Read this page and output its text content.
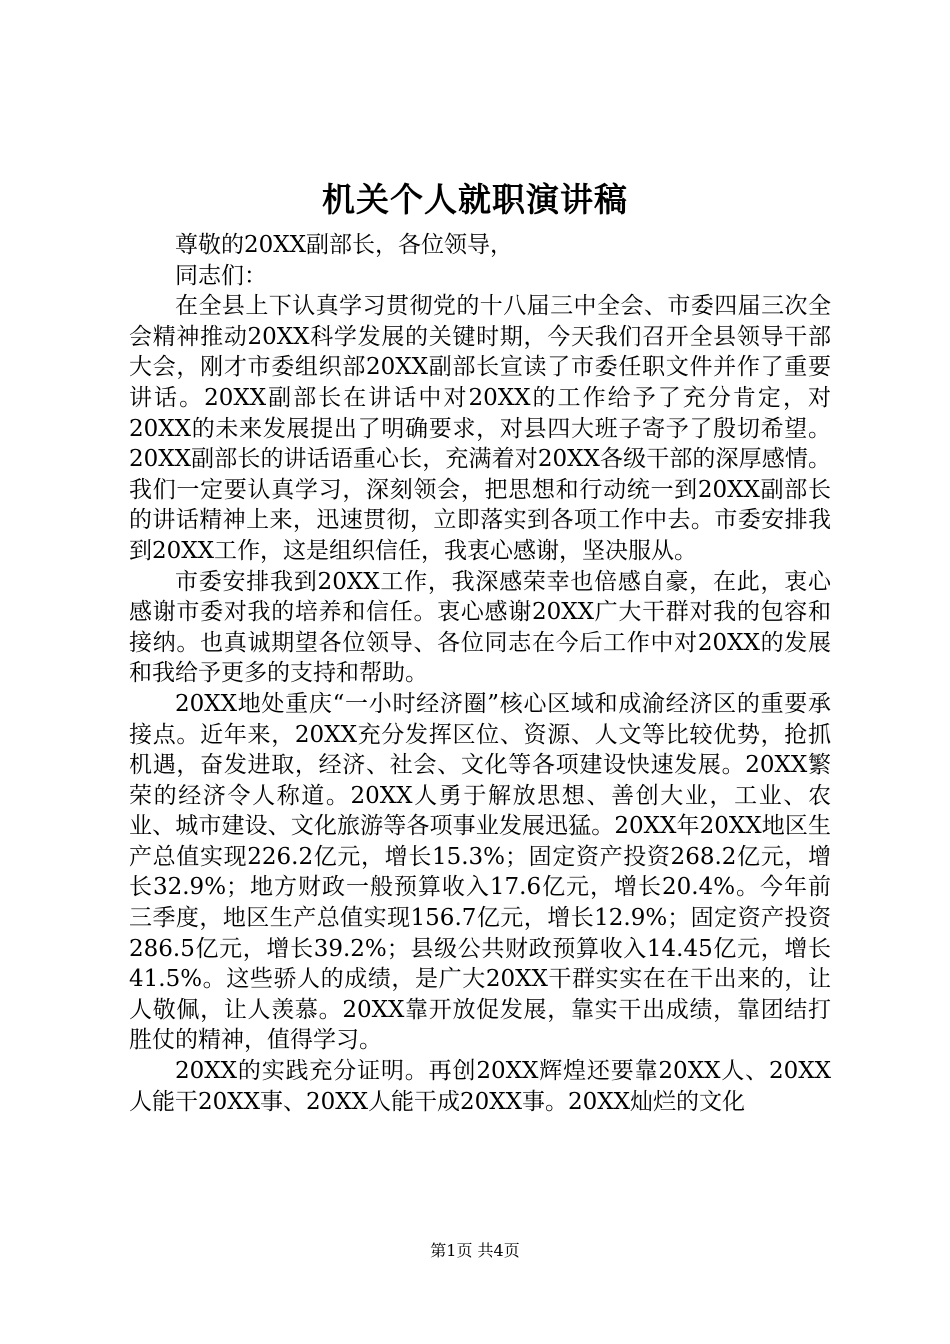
机关个人就职演讲稿

尊敬的20XX副部长，各位领导，

同志们：

在全县上下认真学习贯彻党的十八届三中全会、市委四届三次全会精神推动20XX科学发展的关键时期，今天我们召开全县领导干部大会，刚才市委组织部20XX副部长宣读了市委任职文件并作了重要讲话。20XX副部长在讲话中对20XX的工作给予了充分肯定，对20XX的未来发展提出了明确要求，对县四大班子寄予了殷切希望。20XX副部长的讲话语重心长，充满着对20XX各级干部的深厚感情。我们一定要认真学习，深刻领会，把思想和行动统一到20XX副部长的讲话精神上来，迅速贯彻，立即落实到各项工作中去。市委安排我到20XX工作，这是组织信任，我衷心感谢，坚决服从。

市委安排我到20XX工作，我深感荣幸也倍感自豪，在此，衷心感谢市委对我的培养和信任。衷心感谢20XX广大干群对我的包容和接纳。也真诚期望各位领导、各位同志在今后工作中对20XX的发展和我给予更多的支持和帮助。

20XX地处重庆“一小时经济圈”核心区域和成渝经济区的重要承接点。近年来，20XX充分发挥区位、资源、人文等比较优势，抢抓机遇，奋发进取，经济、社会、文化等各项建设快速发展。20XX繁荣的经济令人称道。20XX人勇于解放思想、善创大业，工业、农业、城市建设、文化旅游等各项事业发展迅猛。20XX年20XX地区生产总值实现226.2亿元，增长15.3%；固定资产投资268.2亿元，增长32.9%；地方财政一般预算收入17.6亿元，增长20.4%。今年前三季度，地区生产总值实现156.7亿元，增长12.9%；固定资产投资286.5亿元，增长39.2%；县级公共财政预算收入14.45亿元，增长41.5%。这些骄人的成绩，是广大20XX干群实实在在干出来的，让人敬佩，让人羡慕。20XX靠开放促发展，靠实干出成绩，靠团结打胜仗的精神，值得学习。

20XX的实践充分证明。再创20XX辉煌还要靠20XX人、20XX人能干20XX事、20XX人能干成20XX事。20XX灿烂的文化

第1页 共4页
